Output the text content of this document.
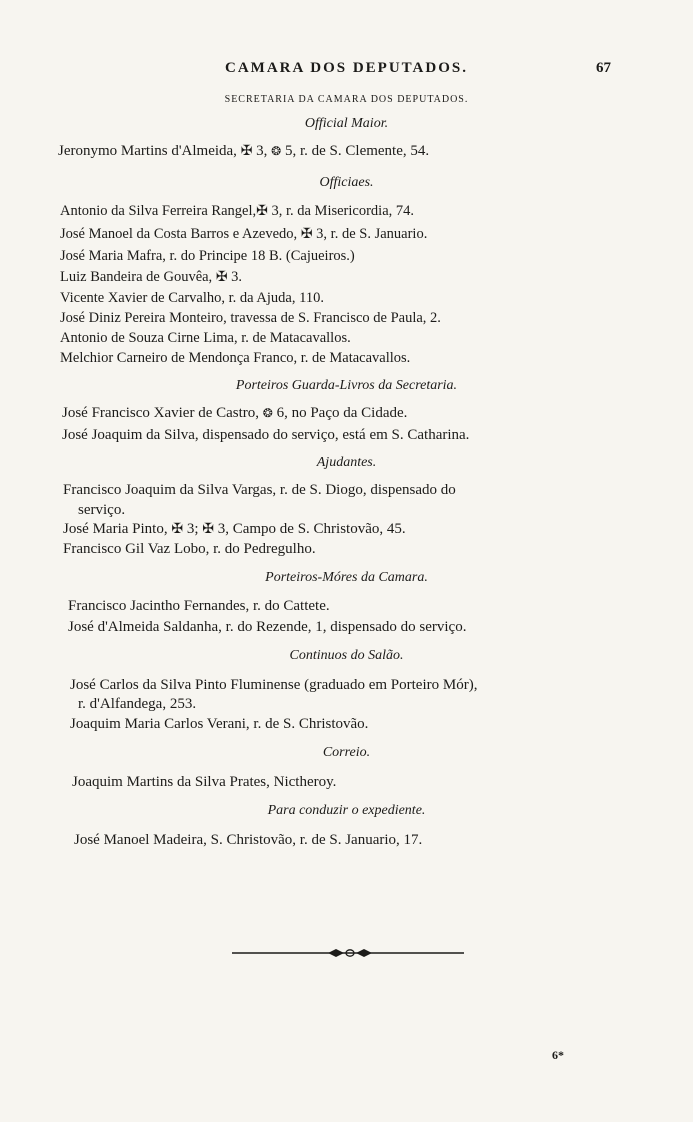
CAMARA DOS DEPUTADOS.	67
SECRETARIA DA CAMARA DOS DEPUTADOS.
Official Maior.
Jeronymo Martins d'Almeida, ✠ 3, ❂ 5, r. de S. Clemente, 54.
Officiaes.
Antonio da Silva Ferreira Rangel,✠ 3, r. da Misericordia, 74.
José Manoel da Costa Barros e Azevedo, ✠ 3, r. de S. Januario.
José Maria Mafra, r. do Principe 18 B. (Cajueiros.)
Luiz Bandeira de Gouvêa, ✠ 3.
Vicente Xavier de Carvalho, r. da Ajuda, 110.
José Diniz Pereira Monteiro, travessa de S. Francisco de Paula, 2.
Antonio de Souza Cirne Lima, r. de Matacavallos.
Melchior Carneiro de Mendonça Franco, r. de Matacavallos.
Porteiros Guarda-Livros da Secretaria.
José Francisco Xavier de Castro, ❂ 6, no Paço da Cidade.
José Joaquim da Silva, dispensado do serviço, está em S. Catharina.
Ajudantes.
Francisco Joaquim da Silva Vargas, r. de S. Diogo, dispensado do
serviço.
José Maria Pinto, ✠ 3; ✠ 3, Campo de S. Christovão, 45.
Francisco Gil Vaz Lobo, r. do Pedregulho.
Porteiros-Móres da Camara.
Francisco Jacintho Fernandes, r. do Cattete.
José d'Almeida Saldanha, r. do Rezende, 1, dispensado do serviço.
Continuos do Salão.
José Carlos da Silva Pinto Fluminense (graduado em Porteiro Mór),
r. d'Alfandega, 253.
Joaquim Maria Carlos Verani, r. de S. Christovão.
Correio.
Joaquim Martins da Silva Prates, Nictheroy.
Para conduzir o expediente.
José Manoel Madeira, S. Christovão, r. de S. Januario, 17.
6*
